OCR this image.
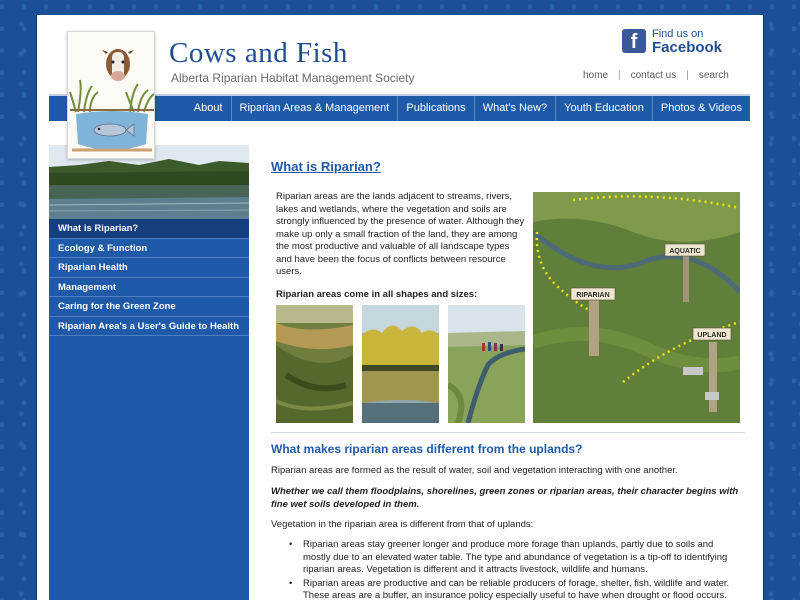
Cows and Fish
Alberta Riparian Habitat Management Society
f	Find us on
Facebook
home	|	contact us	|	search
About	Riparian Areas & Management	Publications	What's New?	Youth Education	Photos & Videos
What is Riparian?
Ecology & Function
Riparian Health
Management
Caring for the Green Zone
Riparian Area's a User's Guide to Health
What is Riparian?

Riparian areas are the lands adjacent to streams, rivers, lakes and wetlands, where the vegetation and soils are strongly influenced by the presence of water. Although they make up only a small fraction of the land, they are among the most productive and valuable of all landscape types and have been the focus of conflicts between resource users.

Riparian areas come in all shapes and sizes:

AQUATIC
RIPARIAN
UPLAND
What makes riparian areas different from the uplands?

Riparian areas are formed as the result of water, soil and vegetation interacting with one another.

Whether we call them floodplains, shorelines, green zones or riparian areas, their character begins with fine wet soils developed in them.

Vegetation in the riparian area is different from that of uplands:

• Riparian areas stay greener longer and produce more forage than uplands, partly due to soils and mostly due to an elevated water table. The type and abundance of vegetation is a tip-off to identifying riparian areas. Vegetation is different and it attracts livestock, wildlife and humans.
• Riparian areas are productive and can be reliable producers of forage, shelter, fish, wildlife and water. These areas are a buffer, an insurance policy especially useful to have when drought or flood occurs.
